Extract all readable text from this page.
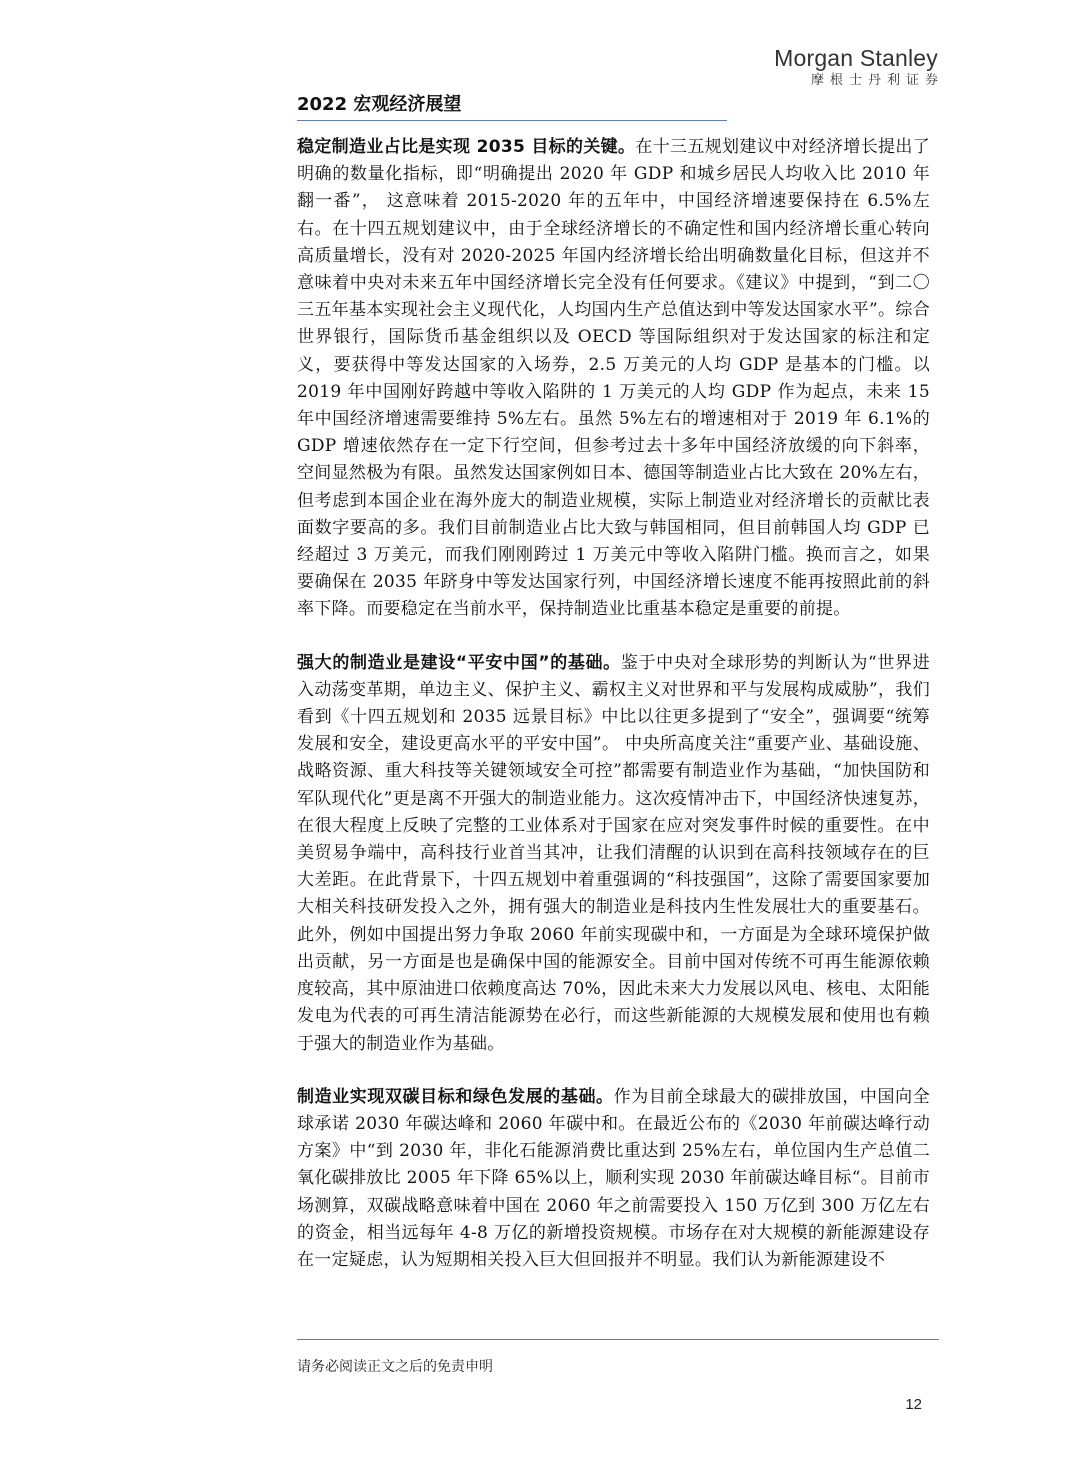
Morgan Stanley
摩根士丹利证券
2022 宏观经济展望

稳定制造业占比是实现 2035 目标的关键。在十三五规划建议中对经济增长提出了明确的数量化指标，即“明确提出 2020 年 GDP 和城乡居民人均收入比 2010 年翻一番”， 这意味着 2015-2020 年的五年中，中国经济增速要保持在 6.5%左右。在十四五规划建议中，由于全球经济增长的不确定性和国内经济增长重心转向高质量增长，没有对 2020-2025 年国内经济增长给出明确数量化目标，但这并不意味着中央对未来五年中国经济增长完全没有任何要求。《建议》中提到，“到二〇三五年基本实现社会主义现代化，人均国内生产总值达到中等发达国家水平”。综合世界银行，国际货币基金组织以及 OECD 等国际组织对于发达国家的标注和定义，要获得中等发达国家的入场券，2.5 万美元的人均 GDP 是基本的门槛。以 2019 年中国刚好跨越中等收入陷阱的 1 万美元的人均 GDP 作为起点，未来 15 年中国经济增速需要维持 5%左右。虽然 5%左右的增速相对于 2019 年 6.1%的 GDP 增速依然存在一定下行空间，但参考过去十多年中国经济放缓的向下斜率，空间显然极为有限。虽然发达国家例如日本、德国等制造业占比大致在 20%左右，但考虑到本国企业在海外庞大的制造业规模，实际上制造业对经济增长的贡献比表面数字要高的多。我们目前制造业占比大致与韩国相同，但目前韩国人均 GDP 已经超过 3 万美元，而我们刚刚跨过 1 万美元中等收入陷阱门槛。换而言之，如果要确保在 2035 年跻身中等发达国家行列，中国经济增长速度不能再按照此前的斜率下降。而要稳定在当前水平，保持制造业比重基本稳定是重要的前提。

强大的制造业是建设“平安中国”的基础。鉴于中央对全球形势的判断认为“世界进入动荡变革期，单边主义、保护主义、霸权主义对世界和平与发展构成威胁”，我们看到《十四五规划和 2035 远景目标》中比以往更多提到了“安全”，强调要“统筹发展和安全，建设更高水平的平安中国”。 中央所高度关注“重要产业、基础设施、战略资源、重大科技等关键领域安全可控”都需要有制造业作为基础，“加快国防和军队现代化”更是离不开强大的制造业能力。这次疫情冲击下，中国经济快速复苏，在很大程度上反映了完整的工业体系对于国家在应对突发事件时候的重要性。在中美贸易争端中，高科技行业首当其冲，让我们清醒的认识到在高科技领域存在的巨大差距。在此背景下，十四五规划中着重强调的“科技强国”，这除了需要国家要加大相关科技研发投入之外，拥有强大的制造业是科技内生性发展壮大的重要基石。此外，例如中国提出努力争取 2060 年前实现碳中和，一方面是为全球环境保护做出贡献，另一方面是也是确保中国的能源安全。目前中国对传统不可再生能源依赖度较高，其中原油进口依赖度高达 70%，因此未来大力发展以风电、核电、太阳能发电为代表的可再生清洁能源势在必行，而这些新能源的大规模发展和使用也有赖于强大的制造业作为基础。

制造业实现双碳目标和绿色发展的基础。作为目前全球最大的碳排放国，中国向全球承诺 2030 年碳达峰和 2060 年碳中和。在最近公布的《2030 年前碳达峰行动方案》中“到 2030 年，非化石能源消费比重达到 25%左右，单位国内生产总值二氧化碳排放比 2005 年下降 65%以上，顺利实现 2030 年前碳达峰目标“。目前市场测算，双碳战略意味着中国在 2060 年之前需要投入 150 万亿到 300 万亿左右的资金，相当远每年 4-8 万亿的新增投资规模。市场存在对大规模的新能源建设存在一定疑虑，认为短期相关投入巨大但回报并不明显。我们认为新能源建设不

请务必阅读正文之后的免责申明
12
